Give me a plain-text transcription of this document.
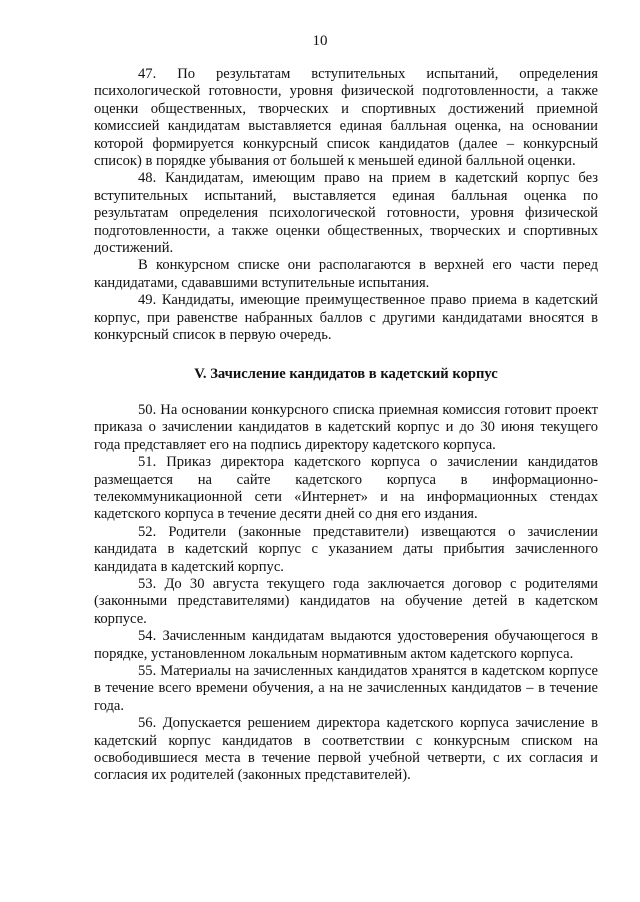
10

47. По результатам вступительных испытаний, определения психологической готовности, уровня физической подготовленности, а также оценки общественных, творческих и спортивных достижений приемной комиссией кандидатам выставляется единая балльная оценка, на основании которой формируется конкурсный список кандидатов (далее – конкурсный список) в порядке убывания от большей к меньшей единой балльной оценки.

48. Кандидатам, имеющим право на прием в кадетский корпус без вступительных испытаний, выставляется единая балльная оценка по результатам определения психологической готовности, уровня физической подготовленности, а также оценки общественных, творческих и спортивных достижений.

В конкурсном списке они располагаются в верхней его части перед кандидатами, сдававшими вступительные испытания.

49. Кандидаты, имеющие преимущественное право приема в кадетский корпус, при равенстве набранных баллов с другими кандидатами вносятся в конкурсный список в первую очередь.

V. Зачисление кандидатов в кадетский корпус

50. На основании конкурсного списка приемная комиссия готовит проект приказа о зачислении кандидатов в кадетский корпус и до 30 июня текущего года представляет его на подпись директору кадетского корпуса.

51. Приказ директора кадетского корпуса о зачислении кандидатов размещается на сайте кадетского корпуса в информационно-телекоммуникационной сети «Интернет» и на информационных стендах кадетского корпуса в течение десяти дней со дня его издания.

52. Родители (законные представители) извещаются о зачислении кандидата в кадетский корпус с указанием даты прибытия зачисленного кандидата в кадетский корпус.

53. До 30 августа текущего года заключается договор с родителями (законными представителями) кандидатов на обучение детей в кадетском корпусе.

54. Зачисленным кандидатам выдаются удостоверения обучающегося в порядке, установленном локальным нормативным актом кадетского корпуса.

55. Материалы на зачисленных кандидатов хранятся в кадетском корпусе в течение всего времени обучения, а на не зачисленных кандидатов – в течение года.

56. Допускается решением директора кадетского корпуса зачисление в кадетский корпус кандидатов в соответствии с конкурсным списком на освободившиеся места в течение первой учебной четверти, с их согласия и согласия их родителей (законных представителей).
